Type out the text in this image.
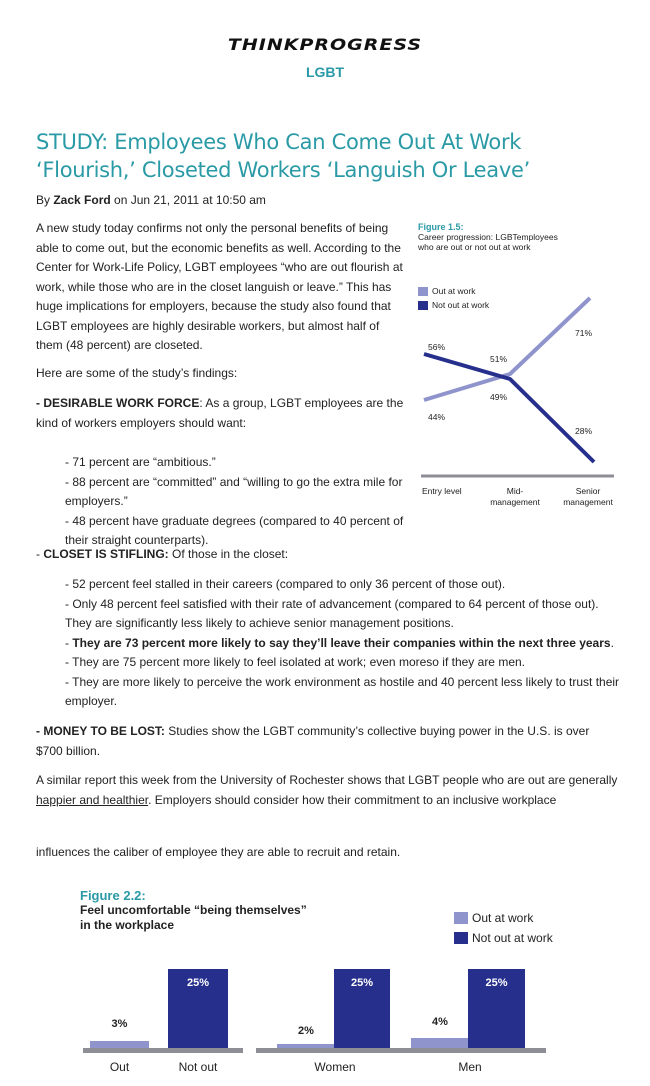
THINKPROGRESS
LGBT
STUDY: Employees Who Can Come Out At Work ‘Flourish,’ Closeted Workers ‘Languish Or Leave’
By Zack Ford on Jun 21, 2011 at 10:50 am

A new study today confirms not only the personal benefits of being able to come out, but the economic benefits as well. According to the Center for Work-Life Policy, LGBT employees “who are out flourish at work, while those who are in the closet languish or leave.” This has huge implications for employers, because the study also found that LGBT employees are highly desirable workers, but almost half of them (48 percent) are closeted.

Here are some of the study’s findings:

- DESIRABLE WORK FORCE: As a group, LGBT employees are the kind of workers employers should want:

- 71 percent are “ambitious.”
- 88 percent are “committed” and “willing to go the extra mile for employers.”
- 48 percent have graduate degrees (compared to 40 percent of their straight counterparts).

- CLOSET IS STIFLING: Of those in the closet:

- 52 percent feel stalled in their careers (compared to only 36 percent of those out).
- Only 48 percent feel satisfied with their rate of advancement (compared to 64 percent of those out). They are significantly less likely to achieve senior management positions.
- They are 73 percent more likely to say they’ll leave their companies within the next three years.
- They are 75 percent more likely to feel isolated at work; even moreso if they are men.
- They are more likely to perceive the work environment as hostile and 40 percent less likely to trust their employer.

- MONEY TO BE LOST: Studies show the LGBT community’s collective buying power in the U.S. is over $700 billion.

A similar report this week from the University of Rochester shows that LGBT people who are out are generally happier and healthier. Employers should consider how their commitment to an inclusive workplace

influences the caliber of employee they are able to recruit and retain.

Figure 1.5:
Career progression: LGBTemployees who are out or not out at work
Out at work
Not out at work
56%
44%
51%
49%
71%
28%
Entry level	Mid-
management
Senior
management
Figure 2.2:
Feel uncomfortable “being themselves” in the workplace	Out at work
Not out at work
3%
25%
Out	Not out
2%
25%
Women
4%
25%
Men
